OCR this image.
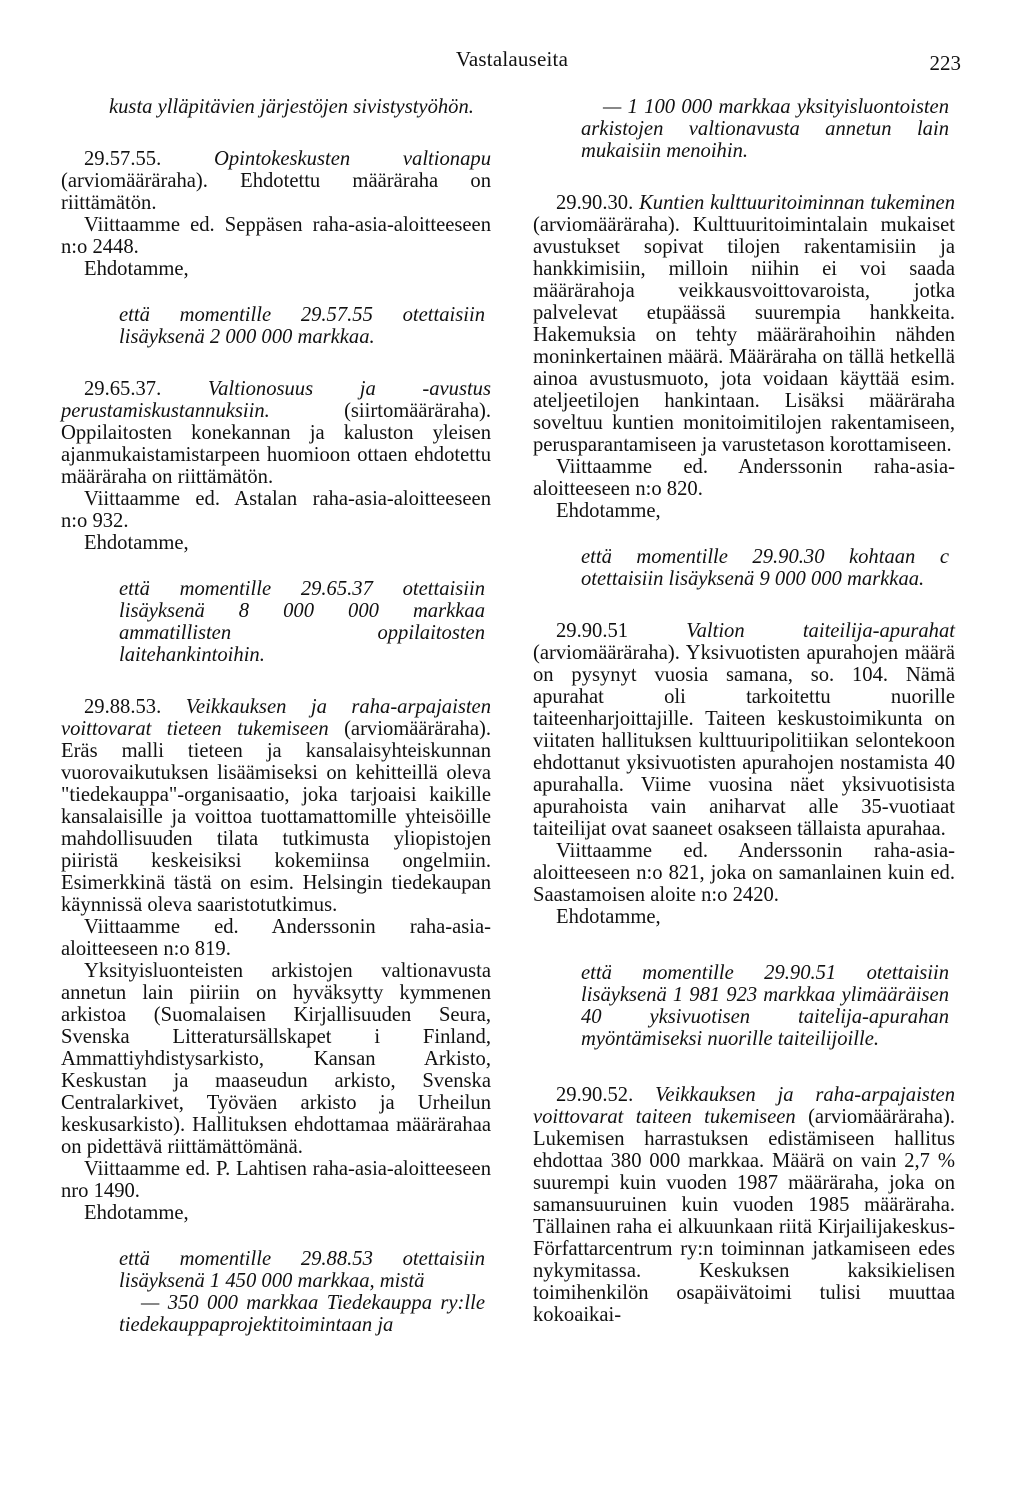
Vastalauseita	223

kusta ylläpitävien järjestöjen sivistystyöhön.

29.57.55.	Opintokeskusten valtionapu (arviomääräraha). Ehdotettu määräraha on riittämätön.

Viittaamme ed. Seppäsen raha-asia-aloitteeseen n:o 2448.

Ehdotamme,

että momentille 29.57.55 otettaisiin lisäyksenä 2 000 000 markkaa.

29.65.37. Valtionosuus ja -avustus perustamiskustannuksiin.	(siirtomääräraha). Oppilaitosten konekannan ja kaluston yleisen ajanmukaistamistarpeen huomioon ottaen ehdotettu määräraha on riittämätön.

Viittaamme ed. Astalan raha-asia-aloitteeseen n:o 932.

Ehdotamme,

että momentille 29.65.37 otettaisiin lisäyksenä 8 000 000 markkaa ammatillisten oppilaitosten laitehankintoihin.

29.88.53. Veikkauksen ja raha-arpajaisten voittovarat tieteen tukemiseen (arviomääräraha). Eräs malli tieteen ja kansalaisyhteiskunnan vuorovaikutuksen lisäämiseksi on kehitteillä oleva "tiedekauppa"-organisaatio, joka tarjoaisi kaikille kansalaisille ja voittoa tuottamattomille yhteisöille mahdollisuuden tilata tutkimusta yliopistojen piiristä keskeisiksi kokemiinsa ongelmiin. Esimerkkinä tästä on esim. Helsingin tiedekaupan käynnissä oleva saaristotutkimus.

Viittaamme ed. Anderssonin raha-asia-aloitteeseen n:o 819.

Yksityisluonteisten arkistojen valtionavusta annetun lain piiriin on hyväksytty kymmenen arkistoa (Suomalaisen Kirjallisuuden Seura, Svenska Litteratursällskapet i Finland, Ammattiyhdistysarkisto, Kansan Arkisto, Keskustan ja maaseudun arkisto, Svenska Centralarkivet, Työväen arkisto ja Urheilun keskusarkisto). Hallituksen ehdottamaa määrärahaa on pidettävä riittämättömänä.

Viittaamme ed. P. Lahtisen raha-asia-aloitteeseen nro 1490.

Ehdotamme,

että momentille 29.88.53 otettaisiin lisäyksenä 1 450 000 markkaa, mistä

— 350 000 markkaa Tiedekauppa ry:lle tiedekauppaprojektitoimintaan ja

— 1 100 000 markkaa yksityisluontoisten arkistojen valtionavusta annetun lain mukaisiin menoihin.

29.90.30. Kuntien kulttuuritoiminnan tukeminen (arviomääräraha). Kulttuuritoimintalain mukaiset avustukset sopivat tilojen rakentamisiin ja hankkimisiin, milloin niihin ei voi saada määrärahoja veikkausvoittovaroista, jotka palvelevat etupäässä suurempia hankkeita. Hakemuksia on tehty määrärahoihin nähden moninkertainen määrä. Määräraha on tällä hetkellä ainoa avustusmuoto, jota voidaan käyttää esim. ateljeetilojen hankintaan. Lisäksi määräraha soveltuu kuntien monitoimitilojen rakentamiseen, perusparantamiseen ja varustetason korottamiseen.

Viittaamme ed. Anderssonin raha-asia-aloitteeseen n:o 820.

Ehdotamme,

että momentille 29.90.30 kohtaan c otettaisiin lisäyksenä 9 000 000 markkaa.

29.90.51	Valtion taiteilija-apurahat (arviomääräraha). Yksivuotisten apurahojen määrä on pysynyt vuosia samana, so. 104. Nämä apurahat oli tarkoitettu nuorille taiteenharjoittajille. Taiteen keskustoimikunta on viitaten hallituksen kulttuuripolitiikan selontekoon ehdottanut yksivuotisten apurahojen nostamista 40 apurahalla. Viime vuosina näet yksivuotisista apurahoista vain aniharvat alle 35-vuotiaat taiteilijat ovat saaneet osakseen tällaista apurahaa.

Viittaamme ed. Anderssonin raha-asia-aloitteeseen n:o 821, joka on samanlainen kuin ed. Saastamoisen aloite n:o 2420.

Ehdotamme,

että momentille 29.90.51 otettaisiin lisäyksenä 1 981 923 markkaa ylimääräisen 40 yksivuotisen taitelija-apurahan myöntämiseksi nuorille taiteilijoille.

29.90.52. Veikkauksen ja raha-arpajaisten voittovarat taiteen tukemiseen (arviomääräraha). Lukemisen harrastuksen edistämiseen hallitus ehdottaa 380 000 markkaa. Määrä on vain 2,7 % suurempi kuin vuoden 1987 määräraha, joka on samansuuruinen kuin vuoden 1985 määräraha. Tällainen raha ei alkuunkaan riitä Kirjailijakeskus-Författarcentrum ry:n toiminnan jatkamiseen edes nykymitassa. Keskuksen kaksikielisen toimihenkilön osapäivätoimi tulisi muuttaa kokoaikai-
